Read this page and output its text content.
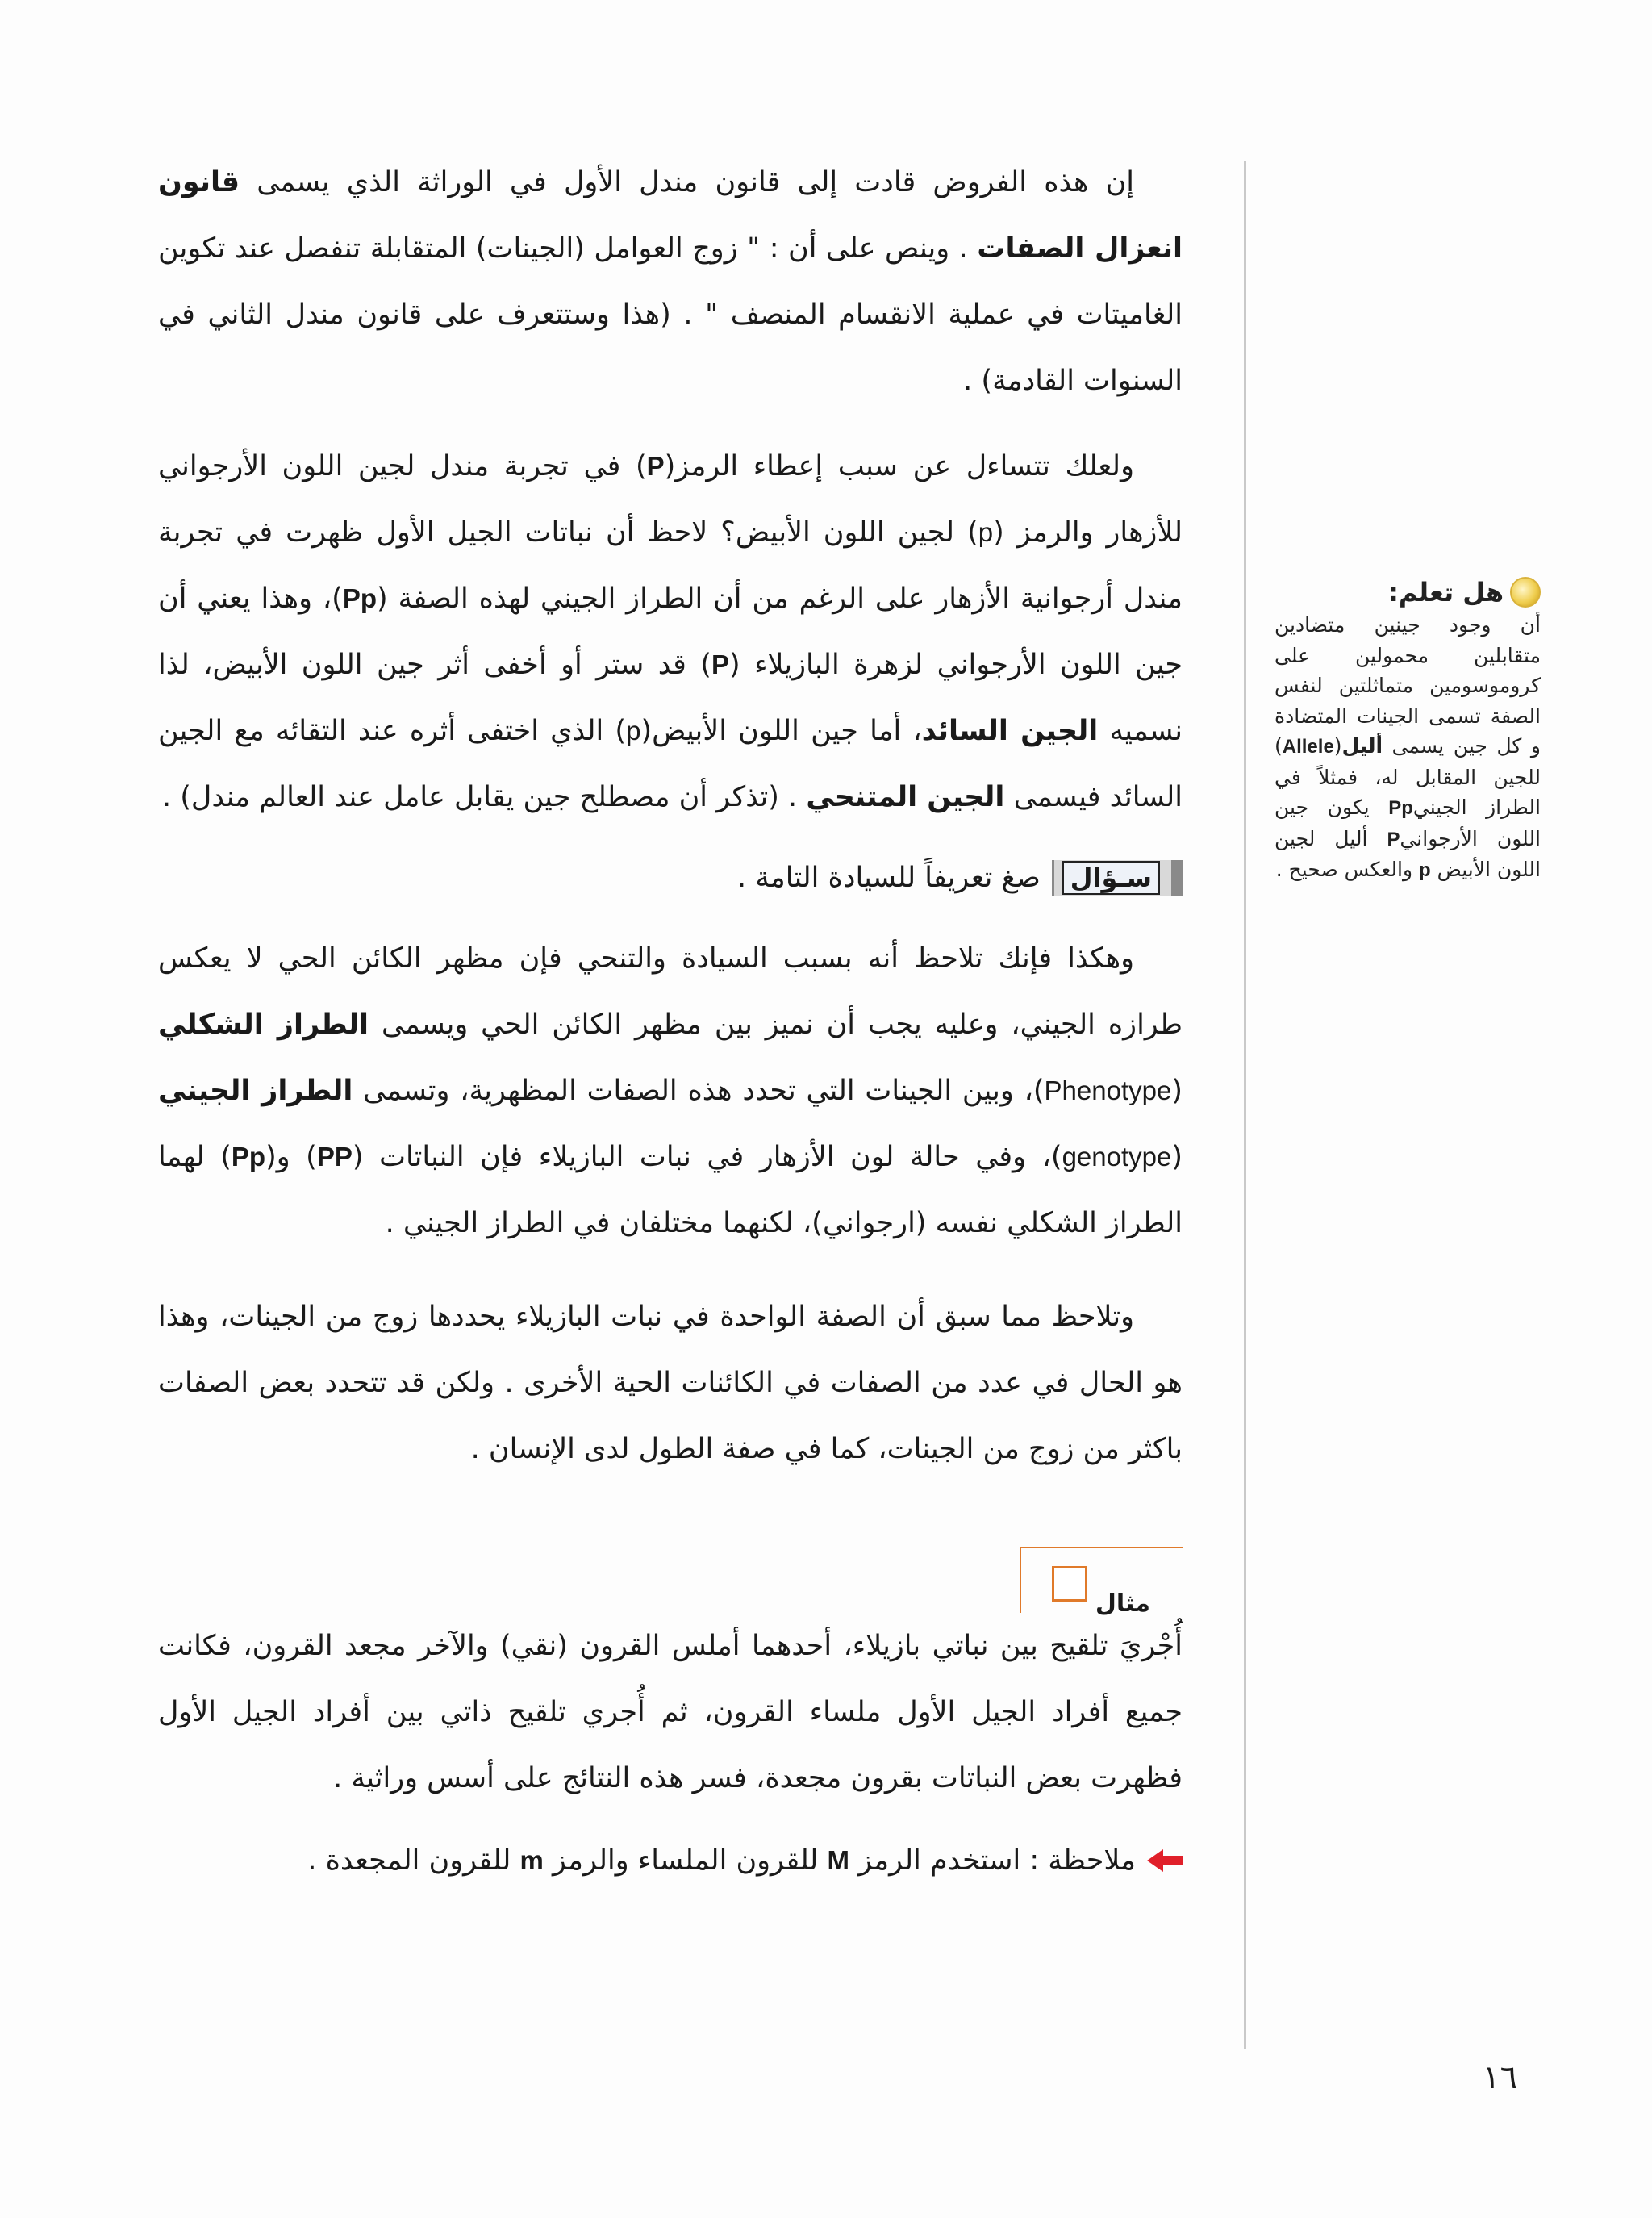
إن هذه الفروض قادت إلى قانون مندل الأول في الوراثة الذي يسمى قانون انعزال الصفات . وينص على أن : " زوج العوامل (الجينات) المتقابلة تنفصل عند تكوين الغاميتات في عملية الانقسام المنصف " . (هذا وستتعرف على قانون مندل الثاني في السنوات القادمة) .

ولعلك تتساءل عن سبب إعطاء الرمز(P) في تجربة مندل لجين اللون الأرجواني للأزهار والرمز (p) لجين اللون الأبيض؟ لاحظ أن نباتات الجيل الأول ظهرت في تجربة مندل أرجوانية الأزهار على الرغم من أن الطراز الجيني لهذه الصفة (Pp)، وهذا يعني أن جين اللون الأرجواني لزهرة البازيلاء (P) قد ستر أو أخفى أثر جين اللون الأبيض، لذا نسميه الجين السائد، أما جين اللون الأبيض(p) الذي اختفى أثره عند التقائه مع الجين السائد فيسمى الجين المتنحي . (تذكر أن مصطلح جين يقابل عامل عند العالم مندل) .

سـؤال
صغ تعريفاً للسيادة التامة .

وهكذا فإنك تلاحظ أنه بسبب السيادة والتنحي فإن مظهر الكائن الحي لا يعكس طرازه الجيني، وعليه يجب أن نميز بين مظهر الكائن الحي ويسمى الطراز الشكلي (Phenotype)، وبين الجينات التي تحدد هذه الصفات المظهرية، وتسمى الطراز الجيني (genotype)، وفي حالة لون الأزهار في نبات البازيلاء فإن النباتات (PP) و(Pp) لهما الطراز الشكلي نفسه (ارجواني)، لكنهما مختلفان في الطراز الجيني .

وتلاحظ مما سبق أن الصفة الواحدة في نبات البازيلاء يحددها زوج من الجينات، وهذا هو الحال في عدد من الصفات في الكائنات الحية الأخرى . ولكن قد تتحدد بعض الصفات باكثر من زوج من الجينات، كما في صفة الطول لدى الإنسان .

مثال

أُجْريَ تلقيح بين نباتي بازيلاء، أحدهما أملس القرون (نقي) والآخر مجعد القرون، فكانت جميع أفراد الجيل الأول ملساء القرون، ثم أُجري تلقيح ذاتي بين أفراد الجيل الأول فظهرت بعض النباتات بقرون مجعدة، فسر هذه النتائج على أسس وراثية .

ملاحظة : استخدم الرمز M للقرون الملساء والرمز m للقرون المجعدة .
هل تعلم:
أن وجود جينين متضادين متقابلين محمولين على كروموسومين متماثلتين لنفس الصفة تسمى الجينات المتضادة و كل جين يسمى أليل(Allele) للجين المقابل له، فمثلاً في الطراز الجينيPp يكون جين اللون الأرجوانيP أليل لجين اللون الأبيض p والعكس صحيح .
١٦
